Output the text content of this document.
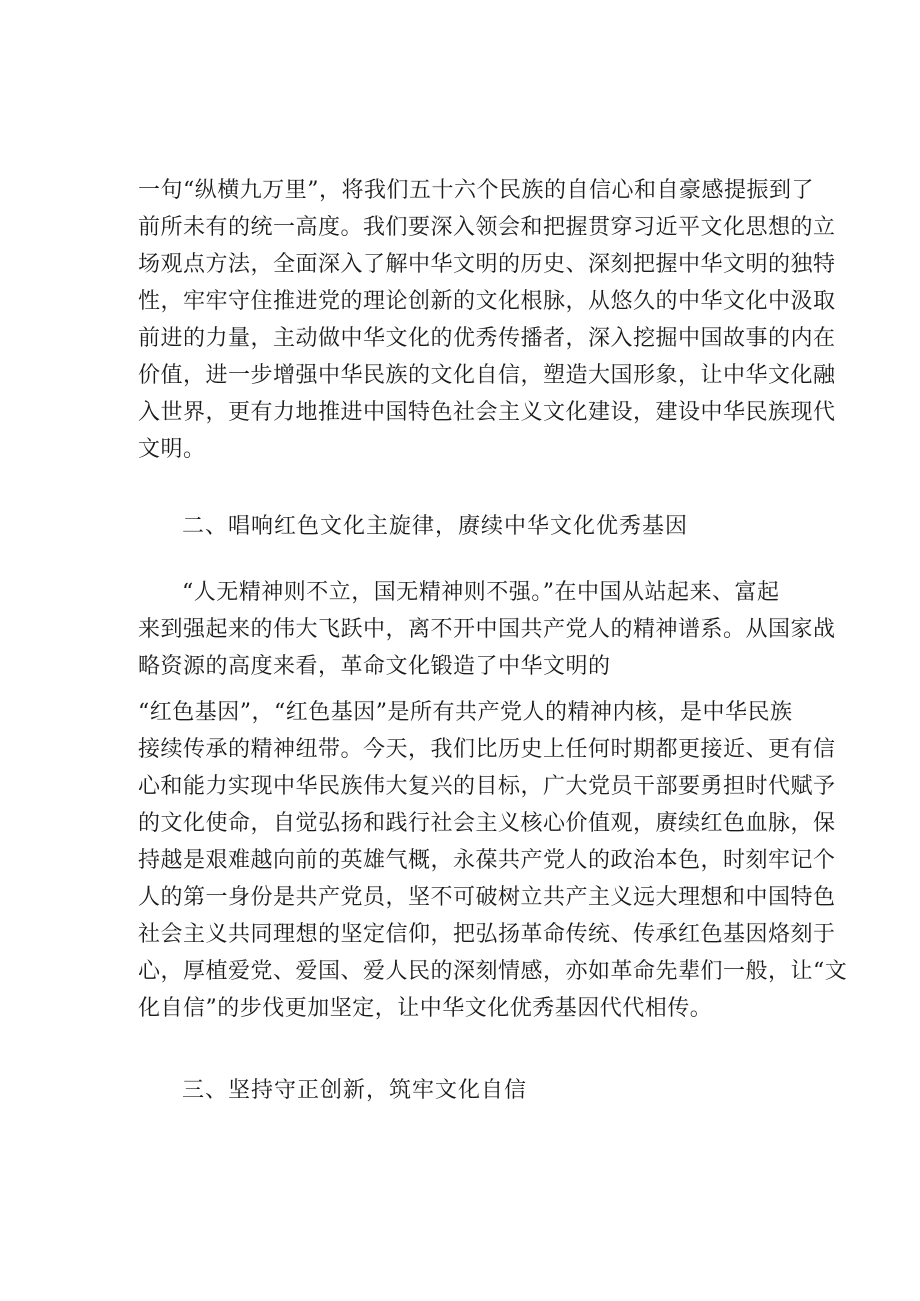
一句“纵横九万里”，将我们五十六个民族的自信心和自豪感提振到了
前所未有的统一高度。我们要深入领会和把握贯穿习近平文化思想的立
场观点方法，全面深入了解中华文明的历史、深刻把握中华文明的独特
性，牢牢守住推进党的理论创新的文化根脉，从悠久的中华文化中汲取
前进的力量，主动做中华文化的优秀传播者，深入挖掘中国故事的内在
价值，进一步增强中华民族的文化自信，塑造大国形象，让中华文化融
入世界，更有力地推进中国特色社会主义文化建设，建设中华民族现代
文明。
二、唱响红色文化主旋律，赓续中华文化优秀基因
“人无精神则不立，国无精神则不强。”在中国从站起来、富起
来到强起来的伟大飞跃中，离不开中国共产党人的精神谱系。从国家战
略资源的高度来看，革命文化锻造了中华文明的
“红色基因”，“红色基因”是所有共产党人的精神内核，是中华民族
接续传承的精神纽带。今天，我们比历史上任何时期都更接近、更有信
心和能力实现中华民族伟大复兴的目标，广大党员干部要勇担时代赋予
的文化使命，自觉弘扬和践行社会主义核心价值观，赓续红色血脉，保
持越是艰难越向前的英雄气概，永葆共产党人的政治本色，时刻牢记个
人的第一身份是共产党员，坚不可破树立共产主义远大理想和中国特色
社会主义共同理想的坚定信仰，把弘扬革命传统、传承红色基因烙刻于
心，厚植爱党、爱国、爱人民的深刻情感，亦如革命先辈们一般，让“文
化自信”的步伐更加坚定，让中华文化优秀基因代代相传。
三、坚持守正创新，筑牢文化自信
